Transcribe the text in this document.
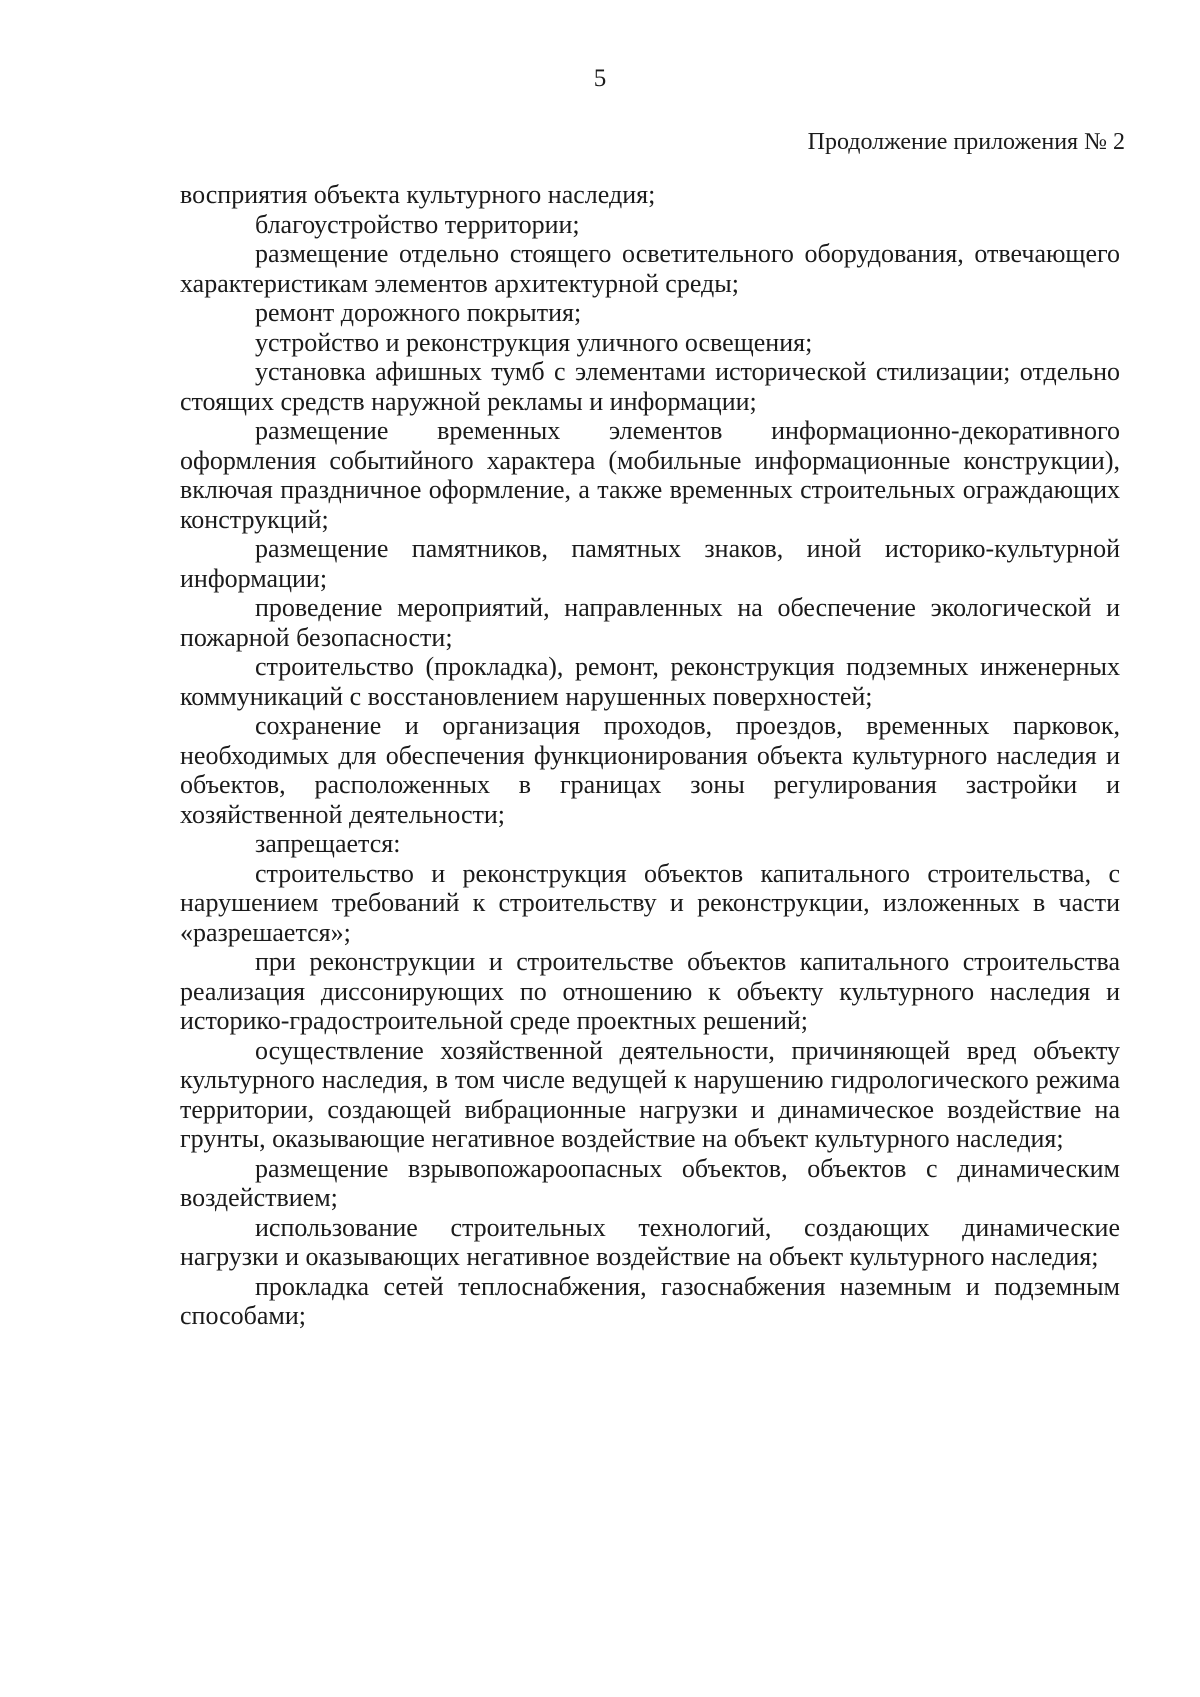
5
Продолжение приложения № 2

восприятия объекта культурного наследия;

благоустройство территории;

размещение отдельно стоящего осветительного оборудования, отвечающего характеристикам элементов архитектурной среды;

ремонт дорожного покрытия;

устройство и реконструкция уличного освещения;

установка афишных тумб с элементами исторической стилизации; отдельно стоящих средств наружной рекламы и информации;

размещение временных элементов информационно-декоративного оформления событийного характера (мобильные информационные конструкции), включая праздничное оформление, а также временных строительных ограждающих конструкций;

размещение памятников, памятных знаков, иной историко-культурной информации;

проведение мероприятий, направленных на обеспечение экологической и пожарной безопасности;

строительство (прокладка), ремонт, реконструкция подземных инженерных коммуникаций с восстановлением нарушенных поверхностей;

сохранение и организация проходов, проездов, временных парковок, необходимых для обеспечения функционирования объекта культурного наследия и объектов, расположенных в границах зоны регулирования застройки и хозяйственной деятельности;

запрещается:

строительство и реконструкция объектов капитального строительства, с нарушением требований к строительству и реконструкции, изложенных в части «разрешается»;

при реконструкции и строительстве объектов капитального строительства реализация диссонирующих по отношению к объекту культурного наследия и историко-градостроительной среде проектных решений;

осуществление хозяйственной деятельности, причиняющей вред объекту культурного наследия, в том числе ведущей к нарушению гидрологического режима территории, создающей вибрационные нагрузки и динамическое воздействие на грунты, оказывающие негативное воздействие на объект культурного наследия;

размещение взрывопожароопасных объектов, объектов с динамическим воздействием;

использование строительных технологий, создающих динамические нагрузки и оказывающих негативное воздействие на объект культурного наследия;

прокладка сетей теплоснабжения, газоснабжения наземным и подземным способами;
